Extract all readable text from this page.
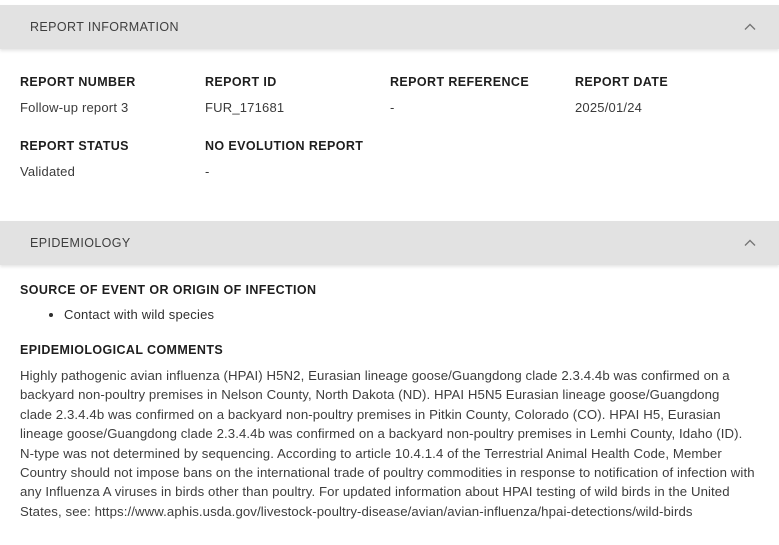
REPORT INFORMATION
REPORT NUMBER
Follow-up report 3
REPORT ID
FUR_171681
REPORT REFERENCE
-
REPORT DATE
2025/01/24
REPORT STATUS
Validated
NO EVOLUTION REPORT
-
EPIDEMIOLOGY
SOURCE OF EVENT OR ORIGIN OF INFECTION
• Contact with wild species
EPIDEMIOLOGICAL COMMENTS
Highly pathogenic avian influenza (HPAI) H5N2, Eurasian lineage goose/Guangdong clade 2.3.4.4b was confirmed on a backyard non-poultry premises in Nelson County, North Dakota (ND). HPAI H5N5 Eurasian lineage goose/Guangdong clade 2.3.4.4b was confirmed on a backyard non-poultry premises in Pitkin County, Colorado (CO). HPAI H5, Eurasian lineage goose/Guangdong clade 2.3.4.4b was confirmed on a backyard non-poultry premises in Lemhi County, Idaho (ID). N-type was not determined by sequencing. According to article 10.4.1.4 of the Terrestrial Animal Health Code, Member Country should not impose bans on the international trade of poultry commodities in response to notification of infection with any Influenza A viruses in birds other than poultry. For updated information about HPAI testing of wild birds in the United States, see: https://www.aphis.usda.gov/livestock-poultry-disease/avian/avian-influenza/hpai-detections/wild-birds
